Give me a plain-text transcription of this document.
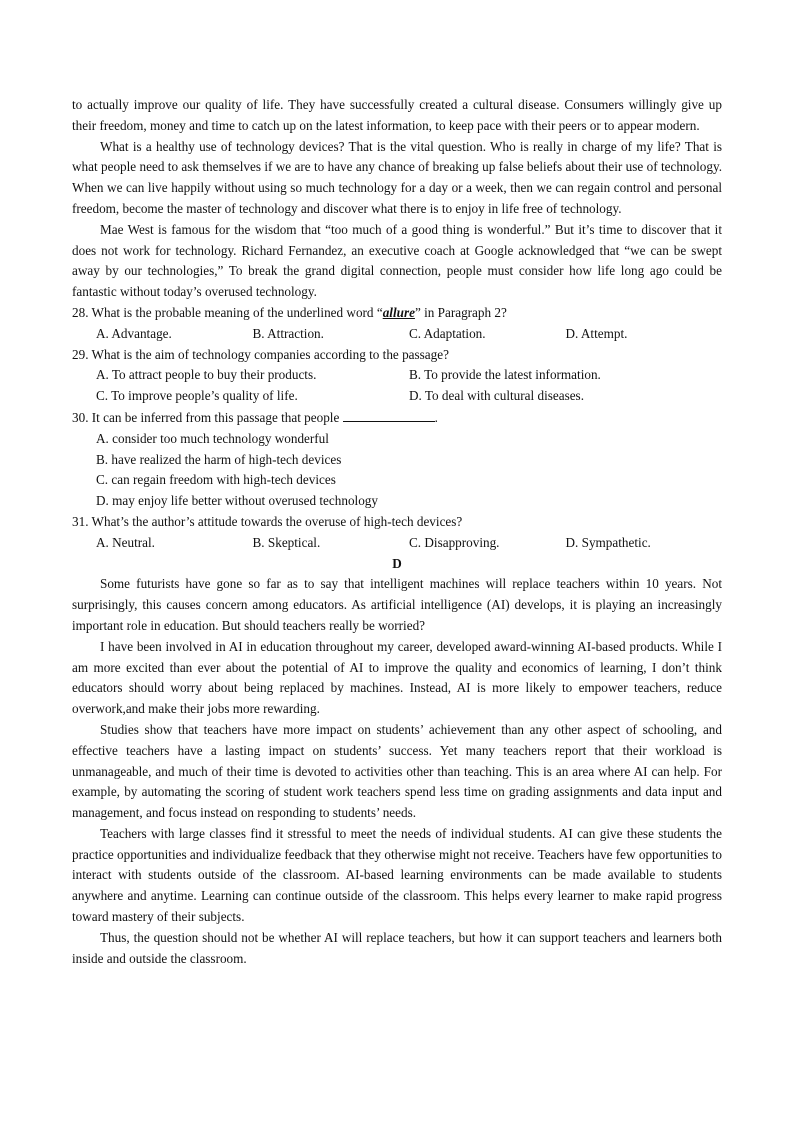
to actually improve our quality of life. They have successfully created a cultural disease. Consumers willingly give up their freedom, money and time to catch up on the latest information, to keep pace with their peers or to appear modern.

What is a healthy use of technology devices? That is the vital question. Who is really in charge of my life? That is what people need to ask themselves if we are to have any chance of breaking up false beliefs about their use of technology. When we can live happily without using so much technology for a day or a week, then we can regain control and personal freedom, become the master of technology and discover what there is to enjoy in life free of technology.

Mae West is famous for the wisdom that “too much of a good thing is wonderful.” But it’s time to discover that it does not work for technology. Richard Fernandez, an executive coach at Google acknowledged that “we can be swept away by our technologies,” To break the grand digital connection, people must consider how life long ago could be fantastic without today’s overused technology.

28. What is the probable meaning of the underlined word “allure” in Paragraph 2?

A. Advantage.	B. Attraction.	C. Adaptation.	D. Attempt.

29. What is the aim of technology companies according to the passage?

A. To attract people to buy their products.	B. To provide the latest information.
C. To improve people’s quality of life.	D. To deal with cultural diseases.

30. It can be inferred from this passage that people	.

A. consider too much technology wonderful
B. have realized the harm of high-tech devices
C. can regain freedom with high-tech devices
D. may enjoy life better without overused technology

31. What’s the author’s attitude towards the overuse of high-tech devices?

A. Neutral.	B. Skeptical.	C. Disapproving.	D. Sympathetic.

D

Some futurists have gone so far as to say that intelligent machines will replace teachers within 10 years. Not surprisingly, this causes concern among educators. As artificial intelligence (AI) develops, it is playing an increasingly important role in education. But should teachers really be worried?

I have been involved in AI in education throughout my career, developed award-winning AI-based products. While I am more excited than ever about the potential of AI to improve the quality and economics of learning, I don’t think educators should worry about being replaced by machines. Instead, AI is more likely to empower teachers, reduce overwork,and make their jobs more rewarding.

Studies show that teachers have more impact on students’ achievement than any other aspect of schooling, and effective teachers have a lasting impact on students’ success. Yet many teachers report that their workload is unmanageable, and much of their time is devoted to activities other than teaching. This is an area where AI can help. For example, by automating the scoring of student work teachers spend less time on grading assignments and data input and management, and focus instead on responding to students’ needs.

Teachers with large classes find it stressful to meet the needs of individual students. AI can give these students the practice opportunities and individualize feedback that they otherwise might not receive. Teachers have few opportunities to interact with students outside of the classroom. AI-based learning environments can be made available to students anywhere and anytime. Learning can continue outside of the classroom. This helps every learner to make rapid progress toward mastery of their subjects.

Thus, the question should not be whether AI will replace teachers, but how it can support teachers and learners both inside and outside the classroom.
